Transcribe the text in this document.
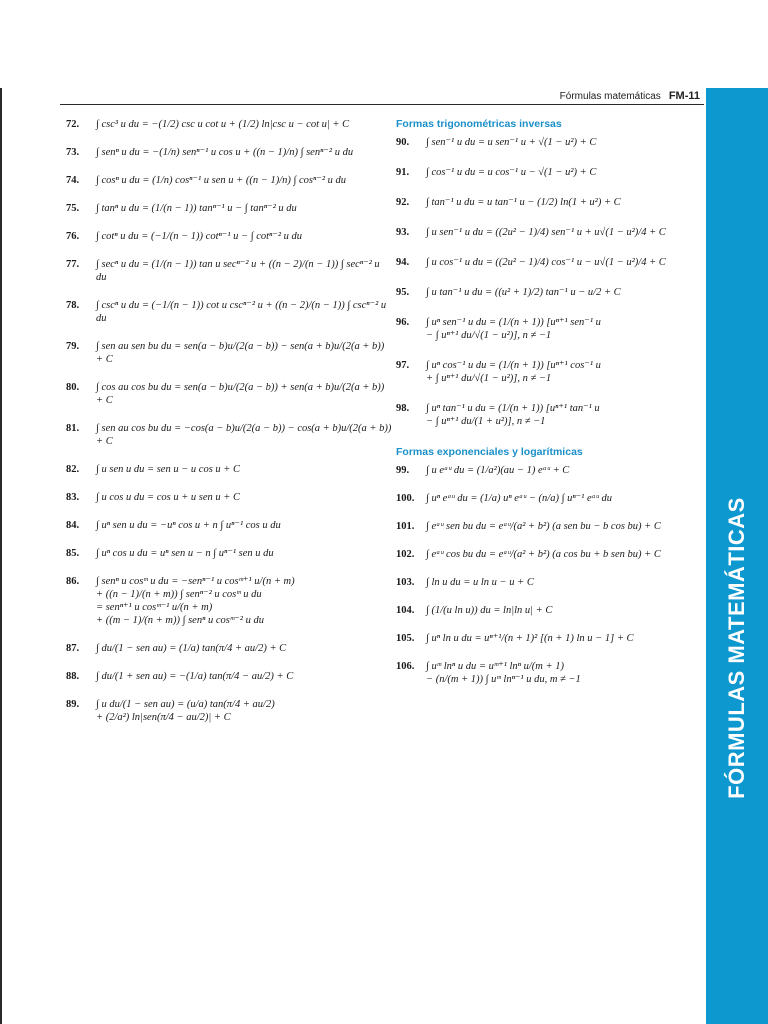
Fórmulas matemáticas FM-11
FÓRMULAS MATEMÁTICAS
72.	∫ csc³ u du = −(1/2) csc u cot u + (1/2) ln|csc u − cot u| + C
73.	∫ senⁿ u du = −(1/n) senⁿ⁻¹ u cos u + ((n − 1)/n) ∫ senⁿ⁻² u du
74.	∫ cosⁿ u du = (1/n) cosⁿ⁻¹ u sen u + ((n − 1)/n) ∫ cosⁿ⁻² u du
75.	∫ tanⁿ u du = (1/(n − 1)) tanⁿ⁻¹ u − ∫ tanⁿ⁻² u du
76.	∫ cotⁿ u du = (−1/(n − 1)) cotⁿ⁻¹ u − ∫ cotⁿ⁻² u du
77.	∫ secⁿ u du = (1/(n − 1)) tan u secⁿ⁻² u + ((n − 2)/(n − 1)) ∫ secⁿ⁻² u du
78.	∫ cscⁿ u du = (−1/(n − 1)) cot u cscⁿ⁻² u + ((n − 2)/(n − 1)) ∫ cscⁿ⁻² u du
79.	∫ sen au sen bu du = sen(a − b)u/(2(a − b)) − sen(a + b)u/(2(a + b)) + C
80.	∫ cos au cos bu du = sen(a − b)u/(2(a − b)) + sen(a + b)u/(2(a + b)) + C
81.	∫ sen au cos bu du = −cos(a − b)u/(2(a − b)) − cos(a + b)u/(2(a + b)) + C
82.	∫ u sen u du = sen u − u cos u + C
83.	∫ u cos u du = cos u + u sen u + C
84.	∫ uⁿ sen u du = −uⁿ cos u + n ∫ uⁿ⁻¹ cos u du
85.	∫ uⁿ cos u du = uⁿ sen u − n ∫ uⁿ⁻¹ sen u du
86.	∫ senⁿ u cosᵐ u du = −senⁿ⁻¹ u cosᵐ⁺¹ u/(n + m)
+ ((n − 1)/(n + m)) ∫ senⁿ⁻² u cosᵐ u du
= senⁿ⁺¹ u cosᵐ⁻¹ u/(n + m)
+ ((m − 1)/(n + m)) ∫ senⁿ u cosᵐ⁻² u du
87.	∫ du/(1 − sen au) = (1/a) tan(π/4 + au/2) + C
88.	∫ du/(1 + sen au) = −(1/a) tan(π/4 − au/2) + C
89.	∫ u du/(1 − sen au) = (u/a) tan(π/4 + au/2)
+ (2/a²) ln|sen(π/4 − au/2)| + C
Formas trigonométricas inversas
90.	∫ sen⁻¹ u du = u sen⁻¹ u + √(1 − u²) + C
91.	∫ cos⁻¹ u du = u cos⁻¹ u − √(1 − u²) + C
92.	∫ tan⁻¹ u du = u tan⁻¹ u − (1/2) ln(1 + u²) + C
93.	∫ u sen⁻¹ u du = ((2u² − 1)/4) sen⁻¹ u + u√(1 − u²)/4 + C
94.	∫ u cos⁻¹ u du = ((2u² − 1)/4) cos⁻¹ u − u√(1 − u²)/4 + C
95.	∫ u tan⁻¹ u du = ((u² + 1)/2) tan⁻¹ u − u/2 + C
96.	∫ uⁿ sen⁻¹ u du = (1/(n + 1)) [uⁿ⁺¹ sen⁻¹ u
− ∫ uⁿ⁺¹ du/√(1 − u²)], n ≠ −1
97.	∫ uⁿ cos⁻¹ u du = (1/(n + 1)) [uⁿ⁺¹ cos⁻¹ u
+ ∫ uⁿ⁺¹ du/√(1 − u²)], n ≠ −1
98.	∫ uⁿ tan⁻¹ u du = (1/(n + 1)) [uⁿ⁺¹ tan⁻¹ u
− ∫ uⁿ⁺¹ du/(1 + u²)], n ≠ −1
Formas exponenciales y logarítmicas
99.	∫ u eᵃᵘ du = (1/a²)(au − 1) eᵃᵘ + C
100.	∫ uⁿ eᵃᵘ du = (1/a) uⁿ eᵃᵘ − (n/a) ∫ uⁿ⁻¹ eᵃᵘ du
101.	∫ eᵃᵘ sen bu du = eᵃᵘ/(a² + b²) (a sen bu − b cos bu) + C
102.	∫ eᵃᵘ cos bu du = eᵃᵘ/(a² + b²) (a cos bu + b sen bu) + C
103.	∫ ln u du = u ln u − u + C
104.	∫ (1/(u ln u)) du = ln|ln u| + C
105.	∫ uⁿ ln u du = uⁿ⁺¹/(n + 1)² [(n + 1) ln u − 1] + C
106.	∫ uᵐ lnⁿ u du = uᵐ⁺¹ lnⁿ u/(m + 1)
− (n/(m + 1)) ∫ uᵐ lnⁿ⁻¹ u du, m ≠ −1
